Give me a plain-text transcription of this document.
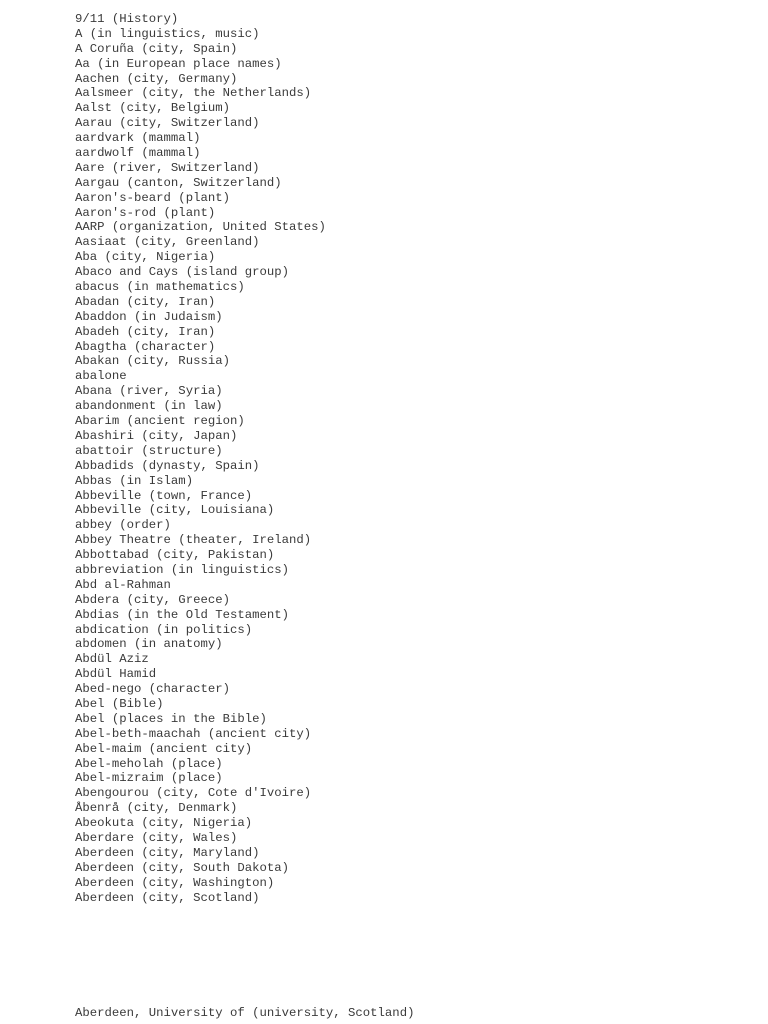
9/11 (History)
A (in linguistics, music)
A Coruña (city, Spain)
Aa (in European place names)
Aachen (city, Germany)
Aalsmeer (city, the Netherlands)
Aalst (city, Belgium)
Aarau (city, Switzerland)
aardvark (mammal)
aardwolf (mammal)
Aare (river, Switzerland)
Aargau (canton, Switzerland)
Aaron's-beard (plant)
Aaron's-rod (plant)
AARP (organization, United States)
Aasiaat (city, Greenland)
Aba (city, Nigeria)
Abaco and Cays (island group)
abacus (in mathematics)
Abadan (city, Iran)
Abaddon (in Judaism)
Abadeh (city, Iran)
Abagtha (character)
Abakan (city, Russia)
abalone
Abana (river, Syria)
abandonment (in law)
Abarim (ancient region)
Abashiri (city, Japan)
abattoir (structure)
Abbadids (dynasty, Spain)
Abbas (in Islam)
Abbeville (town, France)
Abbeville (city, Louisiana)
abbey (order)
Abbey Theatre (theater, Ireland)
Abbottabad (city, Pakistan)
abbreviation (in linguistics)
Abd al-Rahman
Abdera (city, Greece)
Abdias (in the Old Testament)
abdication (in politics)
abdomen (in anatomy)
Abdül Aziz
Abdül Hamid
Abed-nego (character)
Abel (Bible)
Abel (places in the Bible)
Abel-beth-maachah (ancient city)
Abel-maim (ancient city)
Abel-meholah (place)
Abel-mizraim (place)
Abengourou (city, Cote d'Ivoire)
Åbenrå (city, Denmark)
Abeokuta (city, Nigeria)
Aberdare (city, Wales)
Aberdeen (city, Maryland)
Aberdeen (city, South Dakota)
Aberdeen (city, Washington)
Aberdeen (city, Scotland)
Aberdeen, University of (university, Scotland)
